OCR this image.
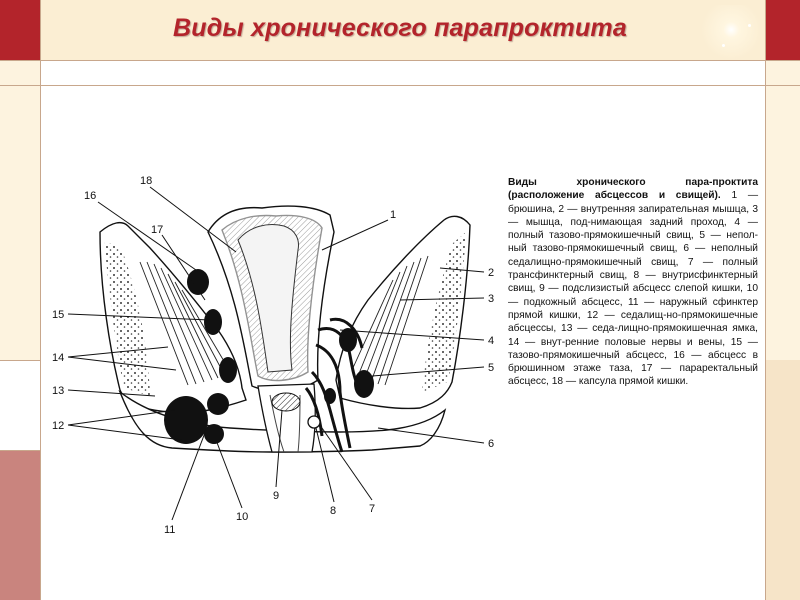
Виды хронического парапроктита
18
16
17
1
2
3
4
5
6
7
8
9
10
11
12
13
14
15
Виды хронического пара-проктита (расположение абсцессов и свищей). 1 — брюшина, 2 — внутренняя запирательная мышца, 3 — мышца, под-нимающая задний проход, 4 — полный тазово-прямокишечный свищ, 5 — непол-ный тазово-прямокишечный свищ, 6 — неполный седалищно-прямокишечный свищ, 7 — полный трансфинктерный свищ, 8 — внутрисфинктерный свищ, 9 — подслизистый абсцесс слепой кишки, 10 — подкожный абсцесс, 11 — наружный сфинктер прямой кишки, 12 — седалищ-но-прямокишечные абсцессы, 13 — седа-лищно-прямокишечная ямка, 14 — внут-ренние половые нервы и вены, 15 — тазово-прямокишечный абсцесс, 16 — абсцесс в брюшинном этаже таза, 17 — параректальный абсцесс, 18 — капсула прямой кишки.
